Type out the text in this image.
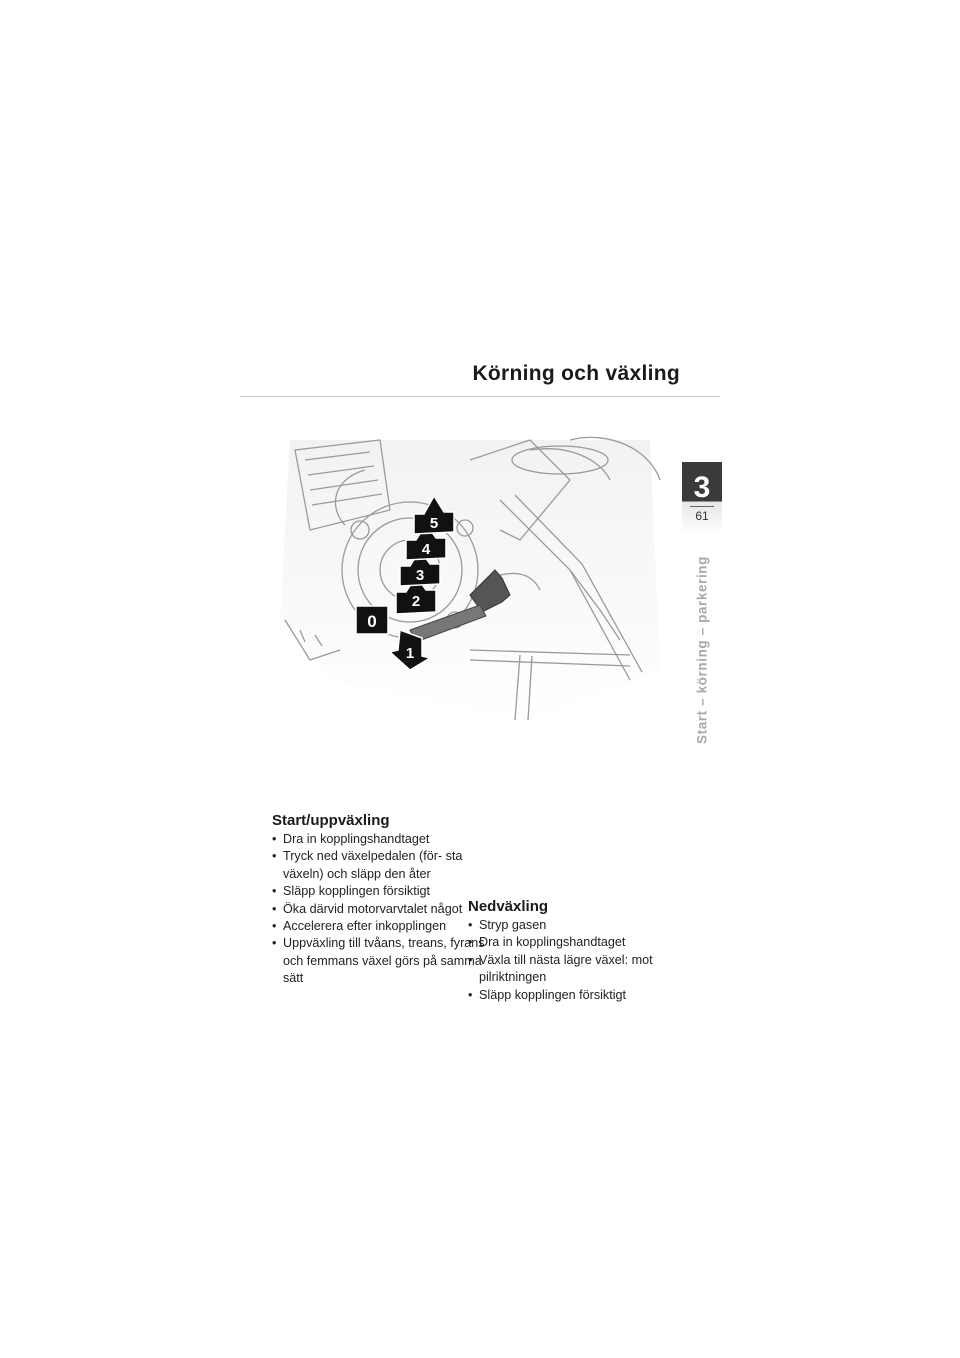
Körning och växling
3
61
Start – körning – parkering
1
2
3
4
5
0
Start/uppväxling
• Dra in kopplingshandtaget
• Tryck ned växelpedalen (för- sta växeln) och släpp den åter
• Släpp kopplingen försiktigt
• Öka därvid motorvarvtalet något
• Accelerera efter inkopplingen
• Uppväxling till tvåans, treans, fyrans och femmans växel görs på samma sätt
Nedväxling
• Stryp gasen
• Dra in kopplingshandtaget
• Växla till nästa lägre växel: mot pilriktningen
• Släpp kopplingen försiktigt
